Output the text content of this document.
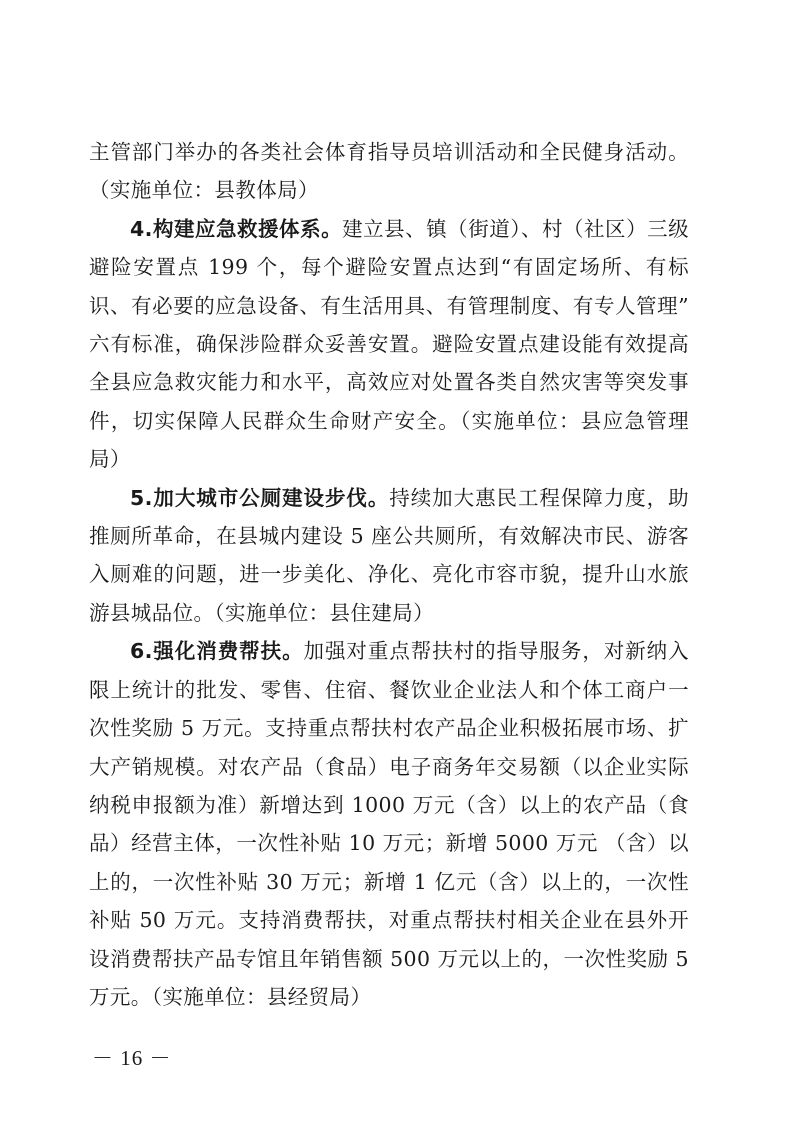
主管部门举办的各类社会体育指导员培训活动和全民健身活动。（实施单位：县教体局）

4.构建应急救援体系。建立县、镇（街道）、村（社区）三级避险安置点 199 个，每个避险安置点达到“有固定场所、有标识、有必要的应急设备、有生活用具、有管理制度、有专人管理” 六有标准，确保涉险群众妥善安置。避险安置点建设能有效提高全县应急救灾能力和水平，高效应对处置各类自然灾害等突发事件，切实保障人民群众生命财产安全。（实施单位：县应急管理局）

5.加大城市公厕建设步伐。持续加大惠民工程保障力度，助推厕所革命，在县城内建设 5 座公共厕所，有效解决市民、游客入厕难的问题，进一步美化、净化、亮化市容市貌，提升山水旅游县城品位。（实施单位：县住建局）

6.强化消费帮扶。加强对重点帮扶村的指导服务，对新纳入限上统计的批发、零售、住宿、餐饮业企业法人和个体工商户一次性奖励 5 万元。支持重点帮扶村农产品企业积极拓展市场、扩大产销规模。对农产品（食品）电子商务年交易额（以企业实际纳税申报额为准）新增达到 1000 万元（含）以上的农产品（食品）经营主体，一次性补贴 10 万元；新增 5000 万元 （含）以上的，一次性补贴 30 万元；新增 1 亿元（含）以上的，一次性补贴 50 万元。支持消费帮扶，对重点帮扶村相关企业在县外开设消费帮扶产品专馆且年销售额 500 万元以上的，一次性奖励 5 万元。（实施单位：县经贸局）

－ 16 －
